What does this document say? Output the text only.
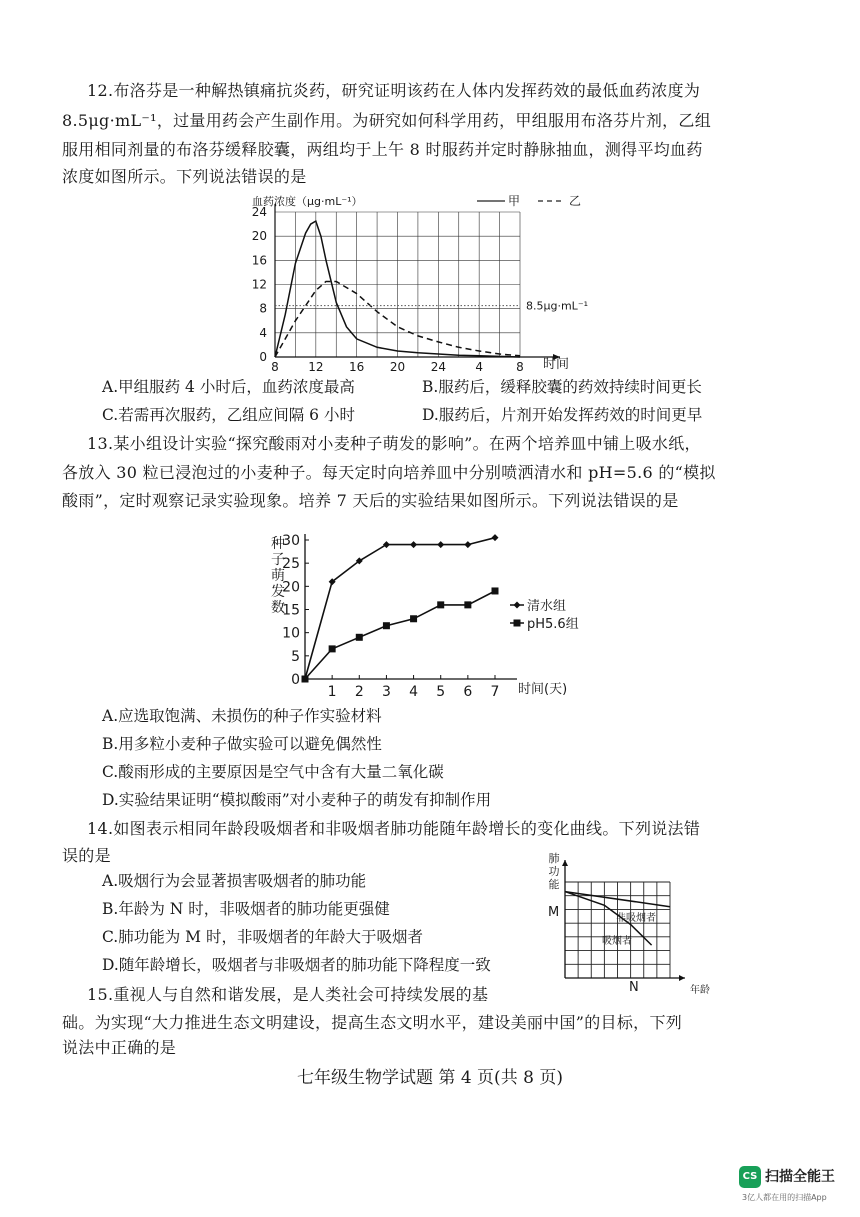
12.布洛芬是一种解热镇痛抗炎药，研究证明该药在人体内发挥药效的最低血药浓度为
8.5μg·mL⁻¹，过量用药会产生副作用。为研究如何科学用药，甲组服用布洛芬片剂，乙组
服用相同剂量的布洛芬缓释胶囊，两组均于上午 8 时服药并定时静脉抽血，测得平均血药
浓度如图所示。下列说法错误的是
0
4
8
12
16
20
24
8 12 16 20 24 4	8
8.5μg·mL⁻¹
血药浓度（μg·mL⁻¹）
时间
甲	乙
A.甲组服药 4 小时后，血药浓度最高	B.服药后，缓释胶囊的药效持续时间更长
C.若需再次服药，乙组应间隔 6 小时	D.服药后，片剂开始发挥药效的时间更早
13.某小组设计实验“探究酸雨对小麦种子萌发的影响”。在两个培养皿中铺上吸水纸，
各放入 30 粒已浸泡过的小麦种子。每天定时向培养皿中分别喷洒清水和 pH=5.6 的“模拟
酸雨”，定时观察记录实验现象。培养 7 天后的实验结果如图所示。下列说法错误的是
0
5
10
15
20
25
30
1 2 3 4 5 6 7
种
子
萌
发
数
时间(天)
清水组
pH5.6组
A.应选取饱满、未损伤的种子作实验材料
B.用多粒小麦种子做实验可以避免偶然性
C.酸雨形成的主要原因是空气中含有大量二氧化碳
D.实验结果证明“模拟酸雨”对小麦种子的萌发有抑制作用
14.如图表示相同年龄段吸烟者和非吸烟者肺功能随年龄增长的变化曲线。下列说法错
误的是
A.吸烟行为会显著损害吸烟者的肺功能
B.年龄为 N 时，非吸烟者的肺功能更强健
C.肺功能为 M 时，非吸烟者的年龄大于吸烟者
D.随年龄增长，吸烟者与非吸烟者的肺功能下降程度一致
肺
功
能
M
N	年龄
非吸烟者
吸烟者
15.重视人与自然和谐发展，是人类社会可持续发展的基
础。为实现“大力推进生态文明建设，提高生态文明水平，建设美丽中国”的目标，下列
说法中正确的是
七年级生物学试题 第 4 页(共 8 页)
CS 扫描全能王
3亿人都在用的扫描App
